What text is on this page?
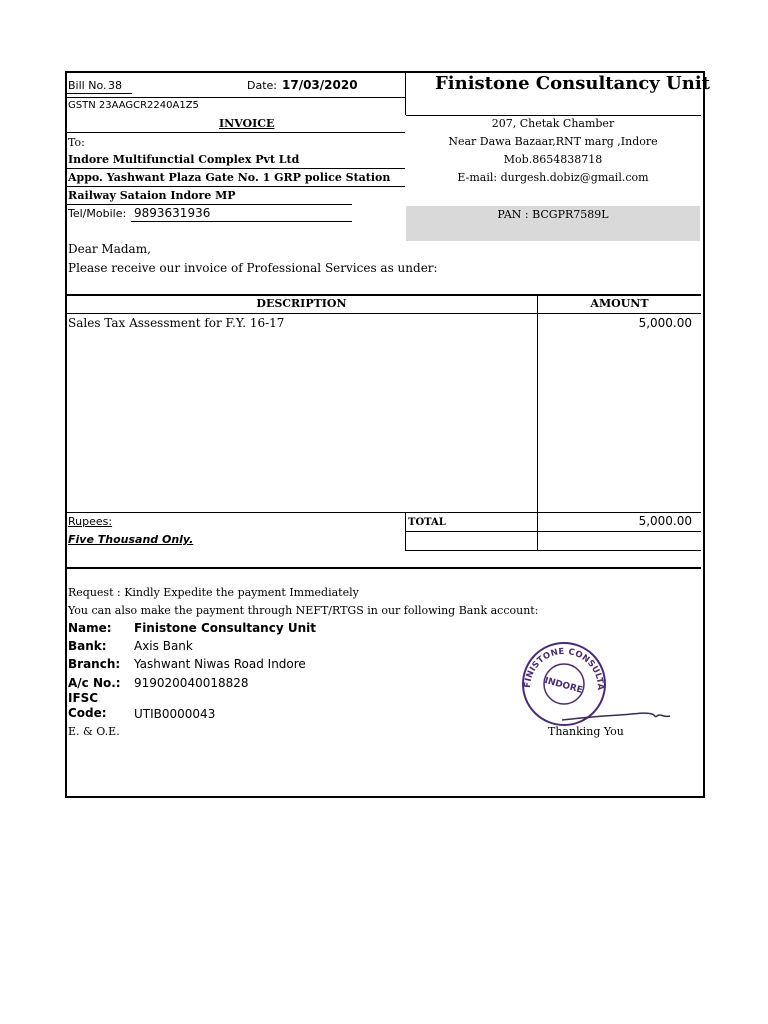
Bill No. 38	Date: 17/03/2020
GSTN 23AAGCR2240A1Z5
INVOICE
Finistone Consultancy Unit
207, Chetak Chamber
Near Dawa Bazaar,RNT marg ,Indore
Mob.8654838718
E-mail: durgesh.dobiz@gmail.com
PAN : BCGPR7589L
To:
Indore Multifunctial Complex Pvt Ltd
Appo. Yashwant Plaza Gate No. 1 GRP police Station
Railway Sataion Indore MP
Tel/Mobile: 9893631936
Dear Madam,
Please receive our invoice of Professional Services as under:
DESCRIPTION	AMOUNT
Sales Tax Assessment for F.Y. 16-17	5,000.00
Rupees:
Five Thousand Only.
TOTAL	5,000.00
Request : Kindly Expedite the payment Immediately
You can also make the payment through NEFT/RTGS in our following Bank account:
Name: Finistone Consultancy Unit
Bank: Axis Bank
Branch: Yashwant Niwas Road Indore
A/c No.: 919020040018828
IFSC
Code: UTIB0000043
E. & O.E.	Thanking You
FINISTONE CONSULTANCY UNIT
INDORE
